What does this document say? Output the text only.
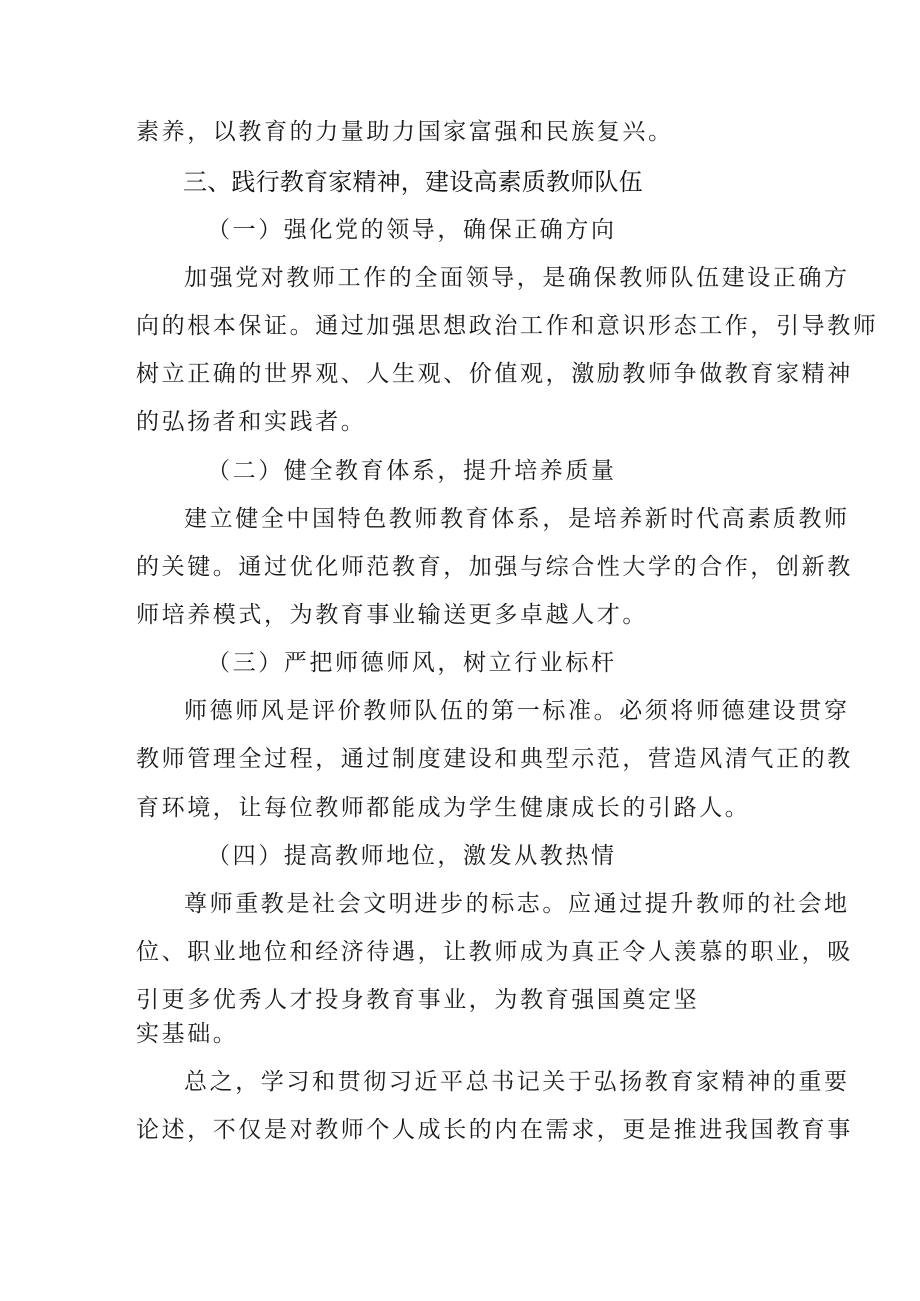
素养，以教育的力量助力国家富强和民族复兴。
三、践行教育家精神，建设高素质教师队伍
（一）强化党的领导，确保正确方向
加强党对教师工作的全面领导，是确保教师队伍建设正确方
向的根本保证。通过加强思想政治工作和意识形态工作，引导教师
树立正确的世界观、人生观、价值观，激励教师争做教育家精神
的弘扬者和实践者。
（二）健全教育体系，提升培养质量
建立健全中国特色教师教育体系，是培养新时代高素质教师
的关键。通过优化师范教育，加强与综合性大学的合作，创新教
师培养模式，为教育事业输送更多卓越人才。
（三）严把师德师风，树立行业标杆
师德师风是评价教师队伍的第一标准。必须将师德建设贯穿
教师管理全过程，通过制度建设和典型示范，营造风清气正的教
育环境，让每位教师都能成为学生健康成长的引路人。
（四）提高教师地位，激发从教热情
尊师重教是社会文明进步的标志。应通过提升教师的社会地
位、职业地位和经济待遇，让教师成为真正令人羡慕的职业，吸
引更多优秀人才投身教育事业，为教育强国奠定坚
实基础。
总之，学习和贯彻习近平总书记关于弘扬教育家精神的重要
论述，不仅是对教师个人成长的内在需求，更是推进我国教育事
